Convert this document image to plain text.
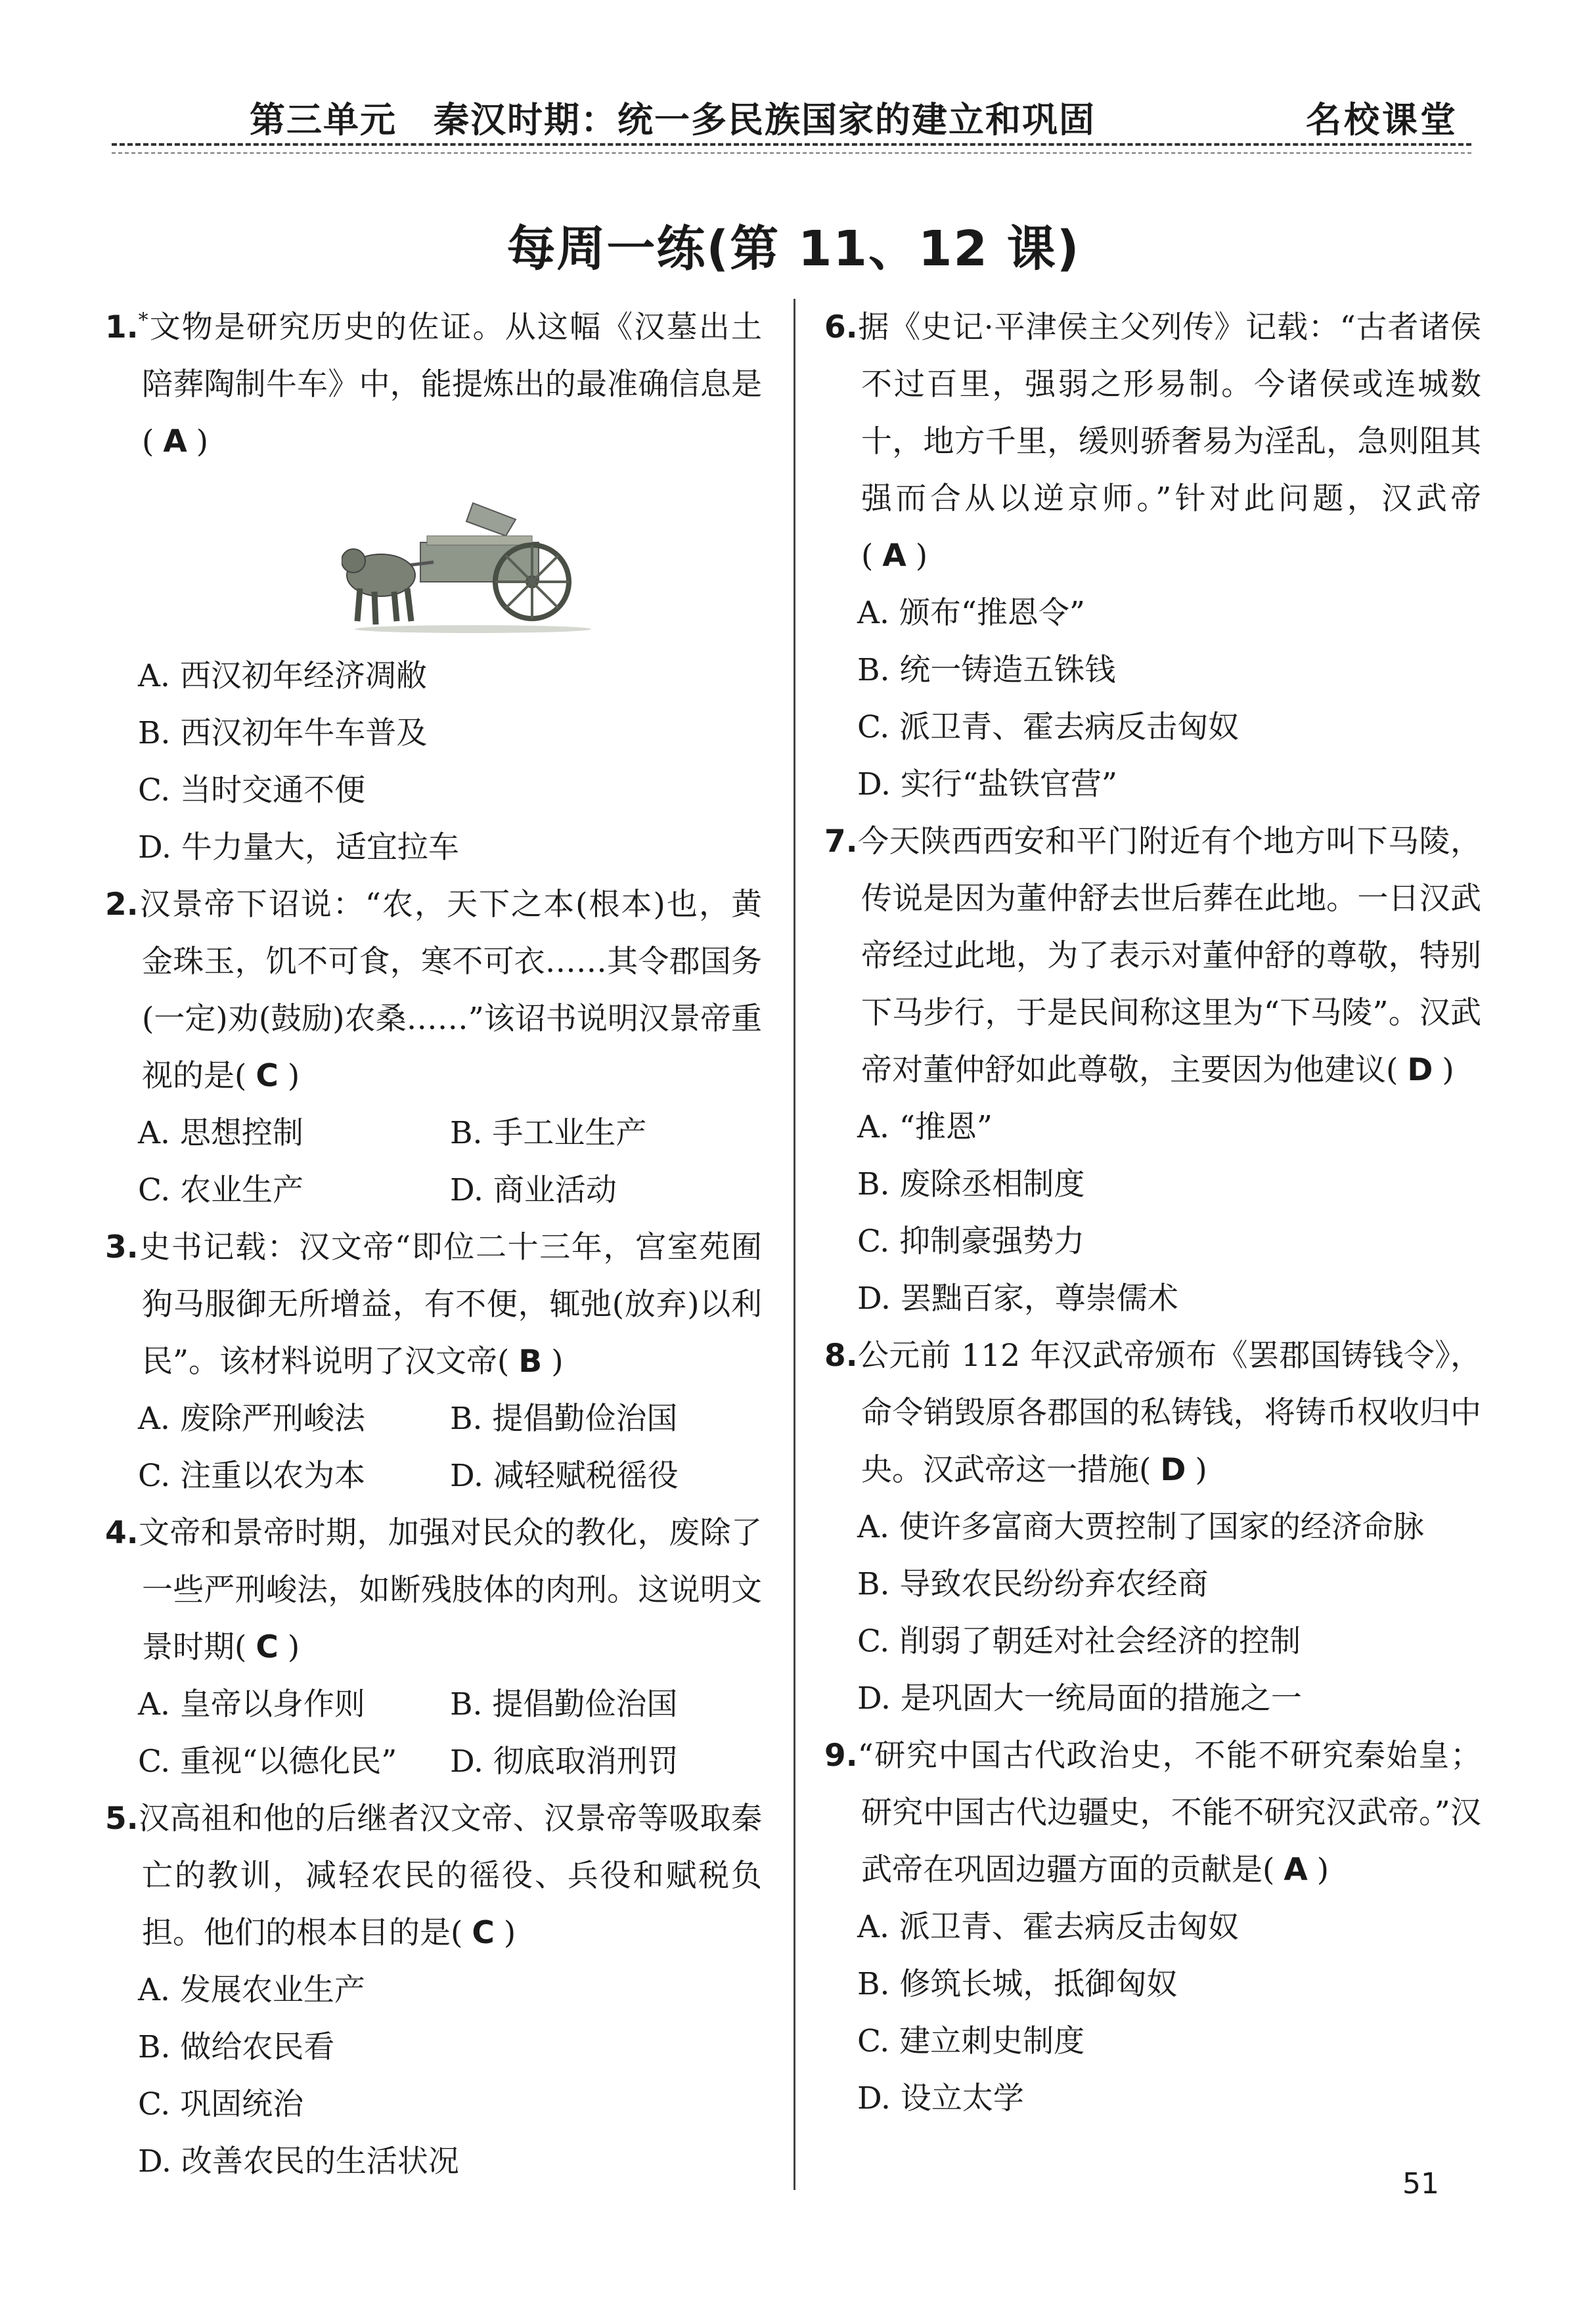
第三单元　秦汉时期：统一多民族国家的建立和巩固	名校课堂
每周一练(第 11、12 课)
1.*文物是研究历史的佐证。从这幅《汉墓出土陪葬陶制牛车》中，能提炼出的最准确信息是( A )
A. 西汉初年经济凋敝
B. 西汉初年牛车普及
C. 当时交通不便
D. 牛力量大，适宜拉车
2.汉景帝下诏说：“农，天下之本(根本)也，黄金珠玉，饥不可食，寒不可衣……其令郡国务(一定)劝(鼓励)农桑……”该诏书说明汉景帝重视的是( C )
A. 思想控制	B. 手工业生产
C. 农业生产	D. 商业活动
3.史书记载：汉文帝“即位二十三年，宫室苑囿狗马服御无所增益，有不便，辄弛(放弃)以利民”。该材料说明了汉文帝( B )
A. 废除严刑峻法	B. 提倡勤俭治国
C. 注重以农为本	D. 减轻赋税徭役
4.文帝和景帝时期，加强对民众的教化，废除了一些严刑峻法，如断残肢体的肉刑。这说明文景时期( C )
A. 皇帝以身作则	B. 提倡勤俭治国
C. 重视“以德化民”	D. 彻底取消刑罚
5.汉高祖和他的后继者汉文帝、汉景帝等吸取秦亡的教训，减轻农民的徭役、兵役和赋税负担。他们的根本目的是( C )
A. 发展农业生产
B. 做给农民看
C. 巩固统治
D. 改善农民的生活状况
6.据《史记·平津侯主父列传》记载：“古者诸侯不过百里，强弱之形易制。今诸侯或连城数十，地方千里，缓则骄奢易为淫乱，急则阻其强而合从以逆京师。”针对此问题，汉武帝( A )
A. 颁布“推恩令”
B. 统一铸造五铢钱
C. 派卫青、霍去病反击匈奴
D. 实行“盐铁官营”
7.今天陕西西安和平门附近有个地方叫下马陵，传说是因为董仲舒去世后葬在此地。一日汉武帝经过此地，为了表示对董仲舒的尊敬，特别下马步行，于是民间称这里为“下马陵”。汉武帝对董仲舒如此尊敬，主要因为他建议( D )
A. “推恩”
B. 废除丞相制度
C. 抑制豪强势力
D. 罢黜百家，尊崇儒术
8.公元前 112 年汉武帝颁布《罢郡国铸钱令》，命令销毁原各郡国的私铸钱，将铸币权收归中央。汉武帝这一措施( D )
A. 使许多富商大贾控制了国家的经济命脉
B. 导致农民纷纷弃农经商
C. 削弱了朝廷对社会经济的控制
D. 是巩固大一统局面的措施之一
9.“研究中国古代政治史，不能不研究秦始皇；研究中国古代边疆史，不能不研究汉武帝。”汉武帝在巩固边疆方面的贡献是( A )
A. 派卫青、霍去病反击匈奴
B. 修筑长城，抵御匈奴
C. 建立刺史制度
D. 设立太学
51
